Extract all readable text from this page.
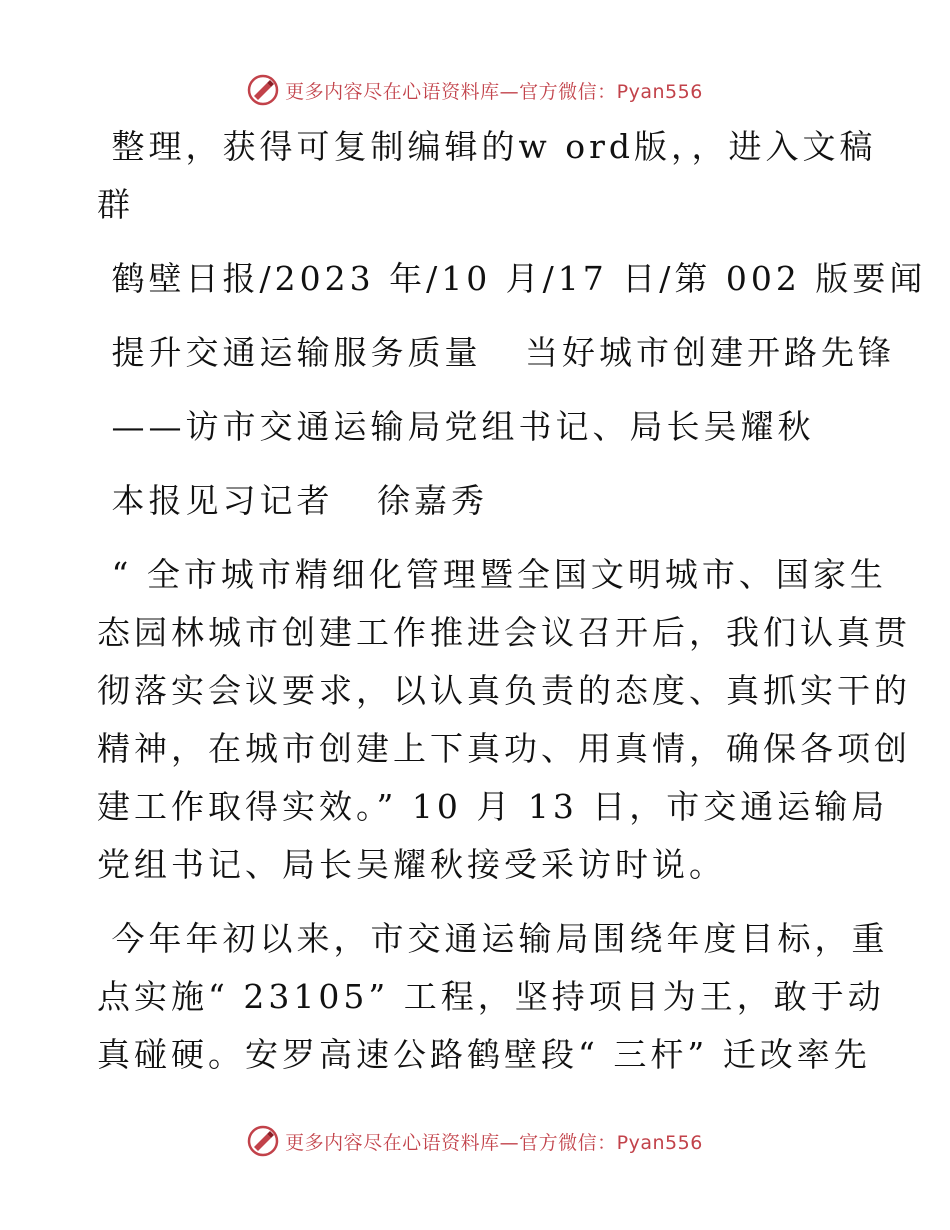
更多内容尽在心语资料库—官方微信：Pyan556
整理，获得可复制编辑的w ord版，，进入文稿
群
鹤壁日报/2023 年/10 月/17 日/第 002 版要闻
提升交通运输服务质量   当好城市创建开路先锋
——访市交通运输局党组书记、局长吴耀秋
本报见习记者   徐嘉秀
“ 全市城市精细化管理暨全国文明城市、国家生
态园林城市创建工作推进会议召开后，我们认真贯
彻落实会议要求，以认真负责的态度、真抓实干的
精神，在城市创建上下真功、用真情，确保各项创
建工作取得实效。” 10 月 13 日，市交通运输局
党组书记、局长吴耀秋接受采访时说。
今年年初以来，市交通运输局围绕年度目标，重
点实施“ 23105” 工程，坚持项目为王，敢于动
真碰硬。安罗高速公路鹤壁段“ 三杆” 迁改率先
更多内容尽在心语资料库—官方微信：Pyan556
